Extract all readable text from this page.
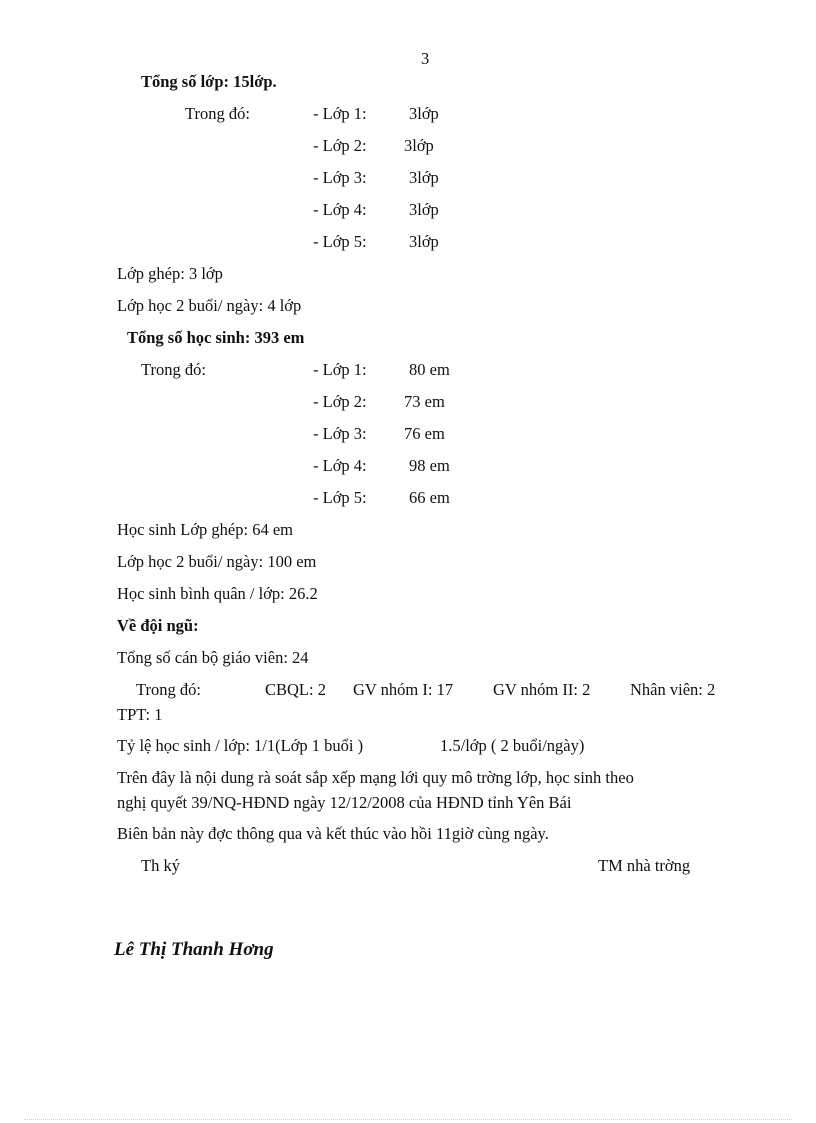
3
Tổng số lớp: 15lớp.
Trong đó:	- Lớp 1:	3lớp
- Lớp 2: 3lớp
- Lớp 3:	3lớp
- Lớp 4:	3lớp
- Lớp 5:	3lớp
Lớp ghép: 3 lớp
Lớp học 2 buổi/ ngày: 4 lớp
Tổng số học sinh: 393 em
Trong đó:	- Lớp 1:	80 em
- Lớp 2: 73 em
- Lớp 3: 76 em
- Lớp 4:	98 em
- Lớp 5:	66 em
Học sinh Lớp ghép: 64 em
Lớp học 2 buổi/ ngày: 100 em
Học sinh bình quân / lớp: 26.2
Về đội ngũ:
Tổng số cán bộ giáo viên: 24
Trong đó:	CBQL: 2 GV nhóm I: 17 GV nhóm II: 2 Nhân viên: 2
TPT: 1
Tỷ lệ học sinh / lớp: 1/1(Lớp 1 buổi )	1.5/lớp ( 2 buổi/ngày)
Trên đây là nội dung rà soát sắp xếp mạng lới quy mô trờng lớp, học sinh theo
nghị quyết 39/NQ-HĐND ngày 12/12/2008 của HĐND tỉnh Yên Bái
Biên bản này đợc thông qua và kết thúc vào hồi 11giờ cùng ngày.
Th ký	TM nhà trờng
Lê Thị Thanh Hơng
